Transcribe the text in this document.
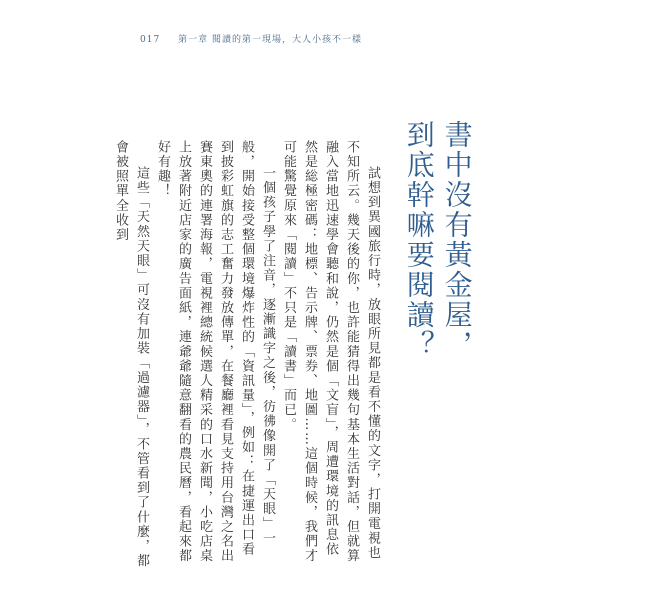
017 第一章 閱讀的第一現場，大人小孩不一樣
書中沒有黃金屋，
到底幹嘛要閱讀？

試想到異國旅行時，放眼所見都是看不懂的文字，打開電視也不知所云。幾天後的你，也許能猜得出幾句基本生活對話，但就算融入當地迅速學會聽和說，仍然是個「文盲」，周遭環境的訊息依然是総極密碼：地標、告示牌、票券、地圖……這個時候，我們才可能驚覺原來「閱讀」不只是「讀書」而已。

一個孩子學了注音，逐漸識字之後，彷彿像開了「天眼」一般，開始接受整個環境爆炸性的「資訊量」，例如：在捷運出口看到披彩虹旗的志工奮力發放傳單，在餐廳裡看見支持用台灣之名出賽東奧的連署海報，電視裡總統候選人精采的口水新聞，小吃店桌上放著附近店家的廣告面紙，連爺爺隨意翻看的農民曆，看起來都好有趣！

這些「天然天眼」可沒有加裝「過濾器」，不管看到了什麼，都會被照單全收到
